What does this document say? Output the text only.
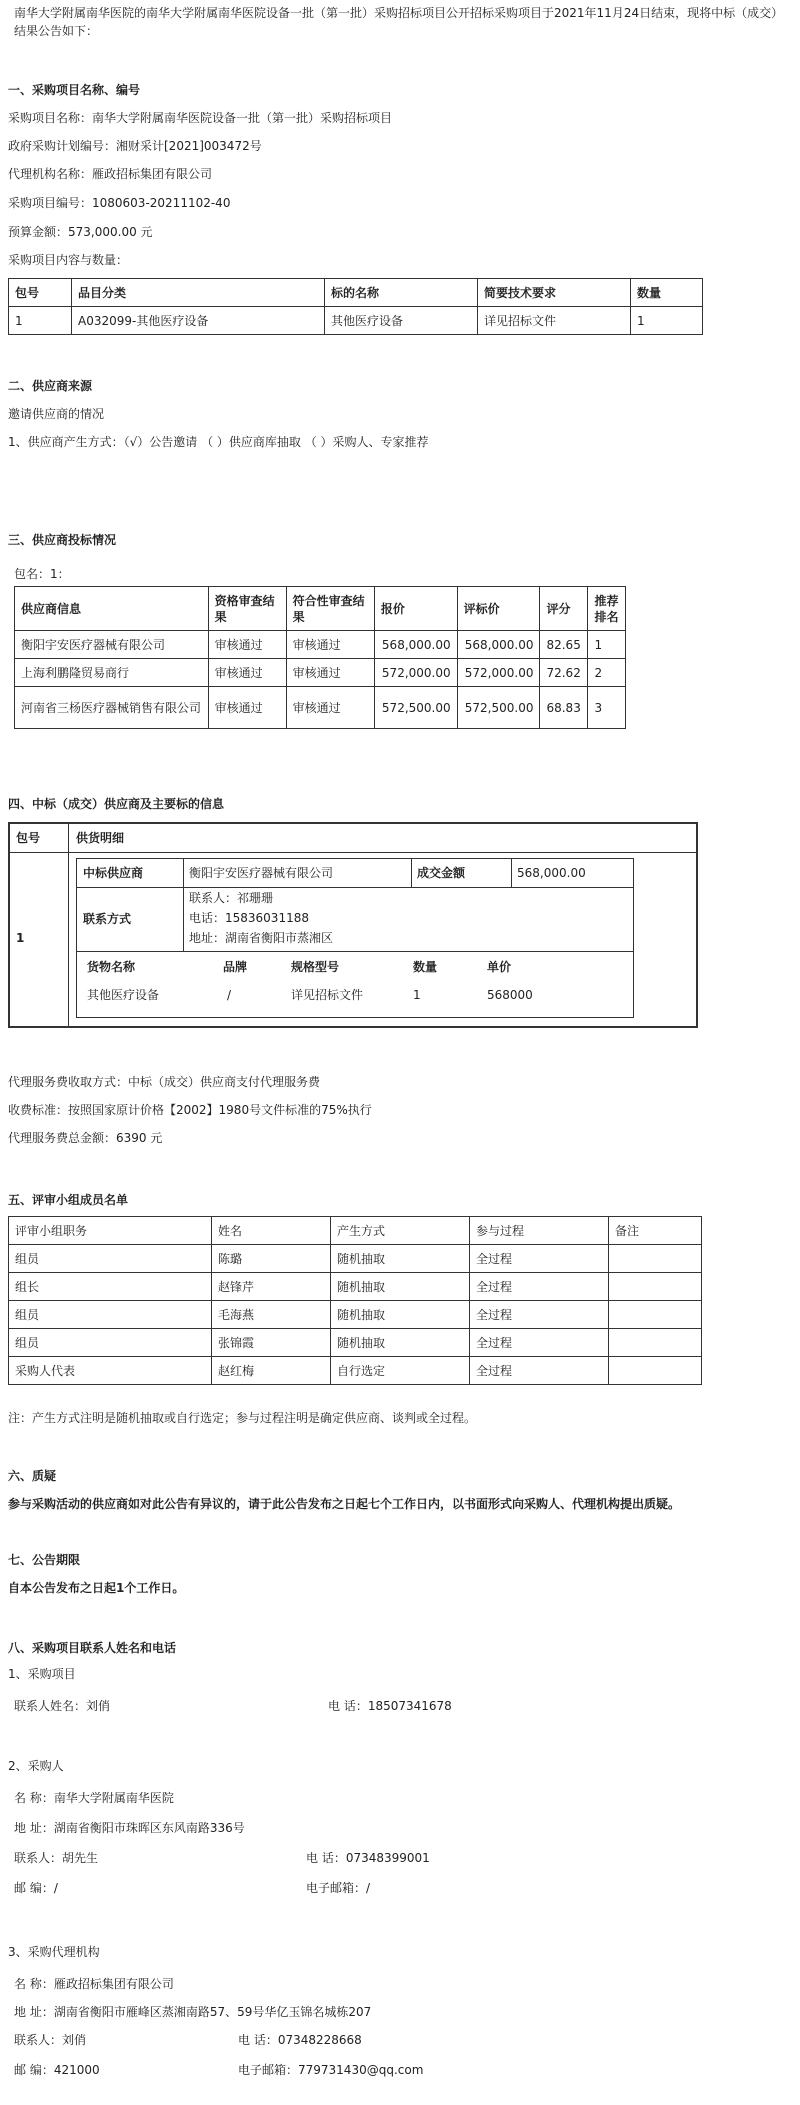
南华大学附属南华医院的南华大学附属南华医院设备一批（第一批）采购招标项目公开招标采购项目于2021年11月24日结束，现将中标（成交）结果公告如下：
一、采购项目名称、编号
采购项目名称：南华大学附属南华医院设备一批（第一批）采购招标项目
政府采购计划编号：湘财采计[2021]003472号
代理机构名称：雁政招标集团有限公司
采购项目编号：1080603-20211102-40
预算金额：573,000.00 元
采购项目内容与数量：
包号	品目分类	标的名称	简要技术要求	数量
1	A032099-其他医疗设备	其他医疗设备	详见招标文件	1
二、供应商来源
邀请供应商的情况
1、供应商产生方式：（√）公告邀请 （ ）供应商库抽取 （ ）采购人、专家推荐
三、供应商投标情况
包名：1：
供应商信息	资格审查结果	符合性审查结果	报价	评标价	评分	推荐排名
衡阳宇安医疗器械有限公司	审核通过	审核通过	568,000.00	568,000.00	82.65	1
上海利鹏隆贸易商行	审核通过	审核通过	572,000.00	572,000.00	72.62	2
河南省三杨医疗器械销售有限公司	审核通过	审核通过	572,500.00	572,500.00	68.83	3
四、中标（成交）供应商及主要标的信息
包号	供货明细
1
中标供应商	衡阳宇安医疗器械有限公司	成交金额	568,000.00
联系方式
联系人：祁珊珊
电话：15836031188
地址：湖南省衡阳市蒸湘区
货物名称	品牌	规格型号	数量	单价
其他医疗设备	/	详见招标文件	1	568000
代理服务费收取方式：中标（成交）供应商支付代理服务费
收费标准：按照国家原计价格【2002】1980号文件标准的75%执行
代理服务费总金额：6390 元
五、评审小组成员名单
评审小组职务	姓名	产生方式	参与过程	备注
组员	陈璐	随机抽取	全过程	
组长	赵锋芹	随机抽取	全过程	
组员	毛海燕	随机抽取	全过程	
组员	张锦霞	随机抽取	全过程	
采购人代表	赵红梅	自行选定	全过程	
注：产生方式注明是随机抽取或自行选定；参与过程注明是确定供应商、谈判或全过程。
六、质疑
参与采购活动的供应商如对此公告有异议的，请于此公告发布之日起七个工作日内，以书面形式向采购人、代理机构提出质疑。
七、公告期限
自本公告发布之日起1个工作日。
八、采购项目联系人姓名和电话
1、采购项目
联系人姓名：刘俏	电 话：18507341678
2、采购人
名 称：南华大学附属南华医院
地 址：湖南省衡阳市珠晖区东风南路336号
联系人：胡先生	电 话：07348399001
邮 编：/	电子邮箱：/
3、采购代理机构
名 称：雁政招标集团有限公司
地 址：湖南省衡阳市雁峰区蒸湘南路57、59号华亿玉锦名城栋207
联系人：刘俏	电 话：07348228668
邮 编：421000	电子邮箱：779731430@qq.com
